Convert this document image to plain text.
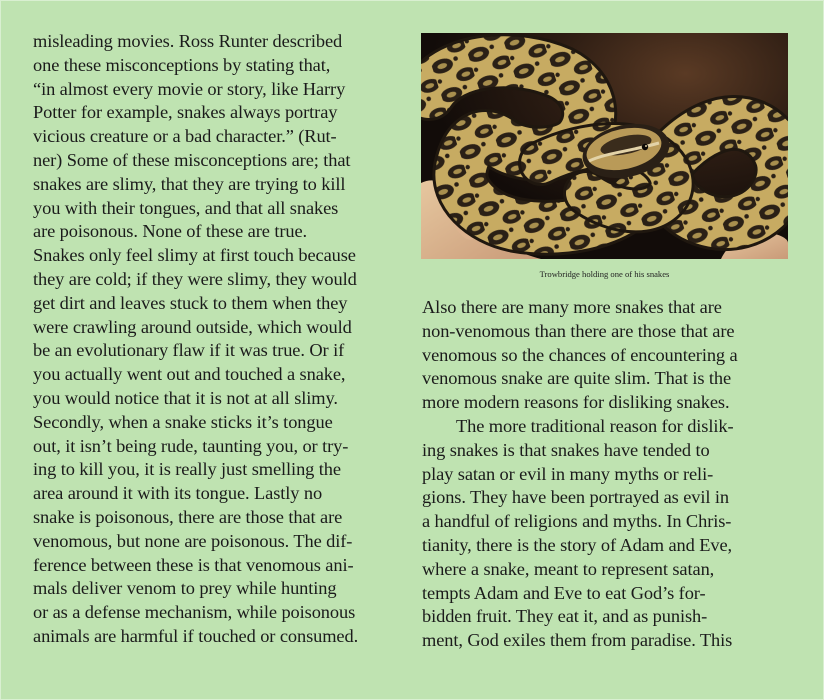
misleading movies. Ross Runter described
one these misconceptions by stating that,
“in almost every movie or story, like Harry
Potter for example, snakes always portray
vicious creature or a bad character.” (Rut-
ner) Some of these misconceptions are; that
snakes are slimy, that they are trying to kill
you with their tongues, and that all snakes
are poisonous. None of these are true.
Snakes only feel slimy at first touch because
they are cold; if they were slimy, they would
get dirt and leaves stuck to them when they
were crawling around outside, which would
be an evolutionary flaw if it was true. Or if
you actually went out and touched a snake,
you would notice that it is not at all slimy.
Secondly, when a snake sticks it’s tongue
out, it isn’t being rude, taunting you, or try-
ing to kill you, it is really just smelling the
area around it with its tongue. Lastly no
snake is poisonous, there are those that are
venomous, but none are poisonous. The dif-
ference between these is that venomous ani-
mals deliver venom to prey while hunting
or as a defense mechanism, while poisonous
animals are harmful if touched or consumed.
Trowbridge holding one of his snakes
Also there are many more snakes that are
non-venomous than there are those that are
venomous so the chances of encountering a
venomous snake are quite slim. That is the
more modern reasons for disliking snakes.
The more traditional reason for dislik-
ing snakes is that snakes have tended to
play satan or evil in many myths or reli-
gions. They have been portrayed as evil in
a handful of religions and myths. In Chris-
tianity, there is the story of Adam and Eve,
where a snake, meant to represent satan,
tempts Adam and Eve to eat God’s for-
bidden fruit. They eat it, and as punish-
ment, God exiles them from paradise. This
